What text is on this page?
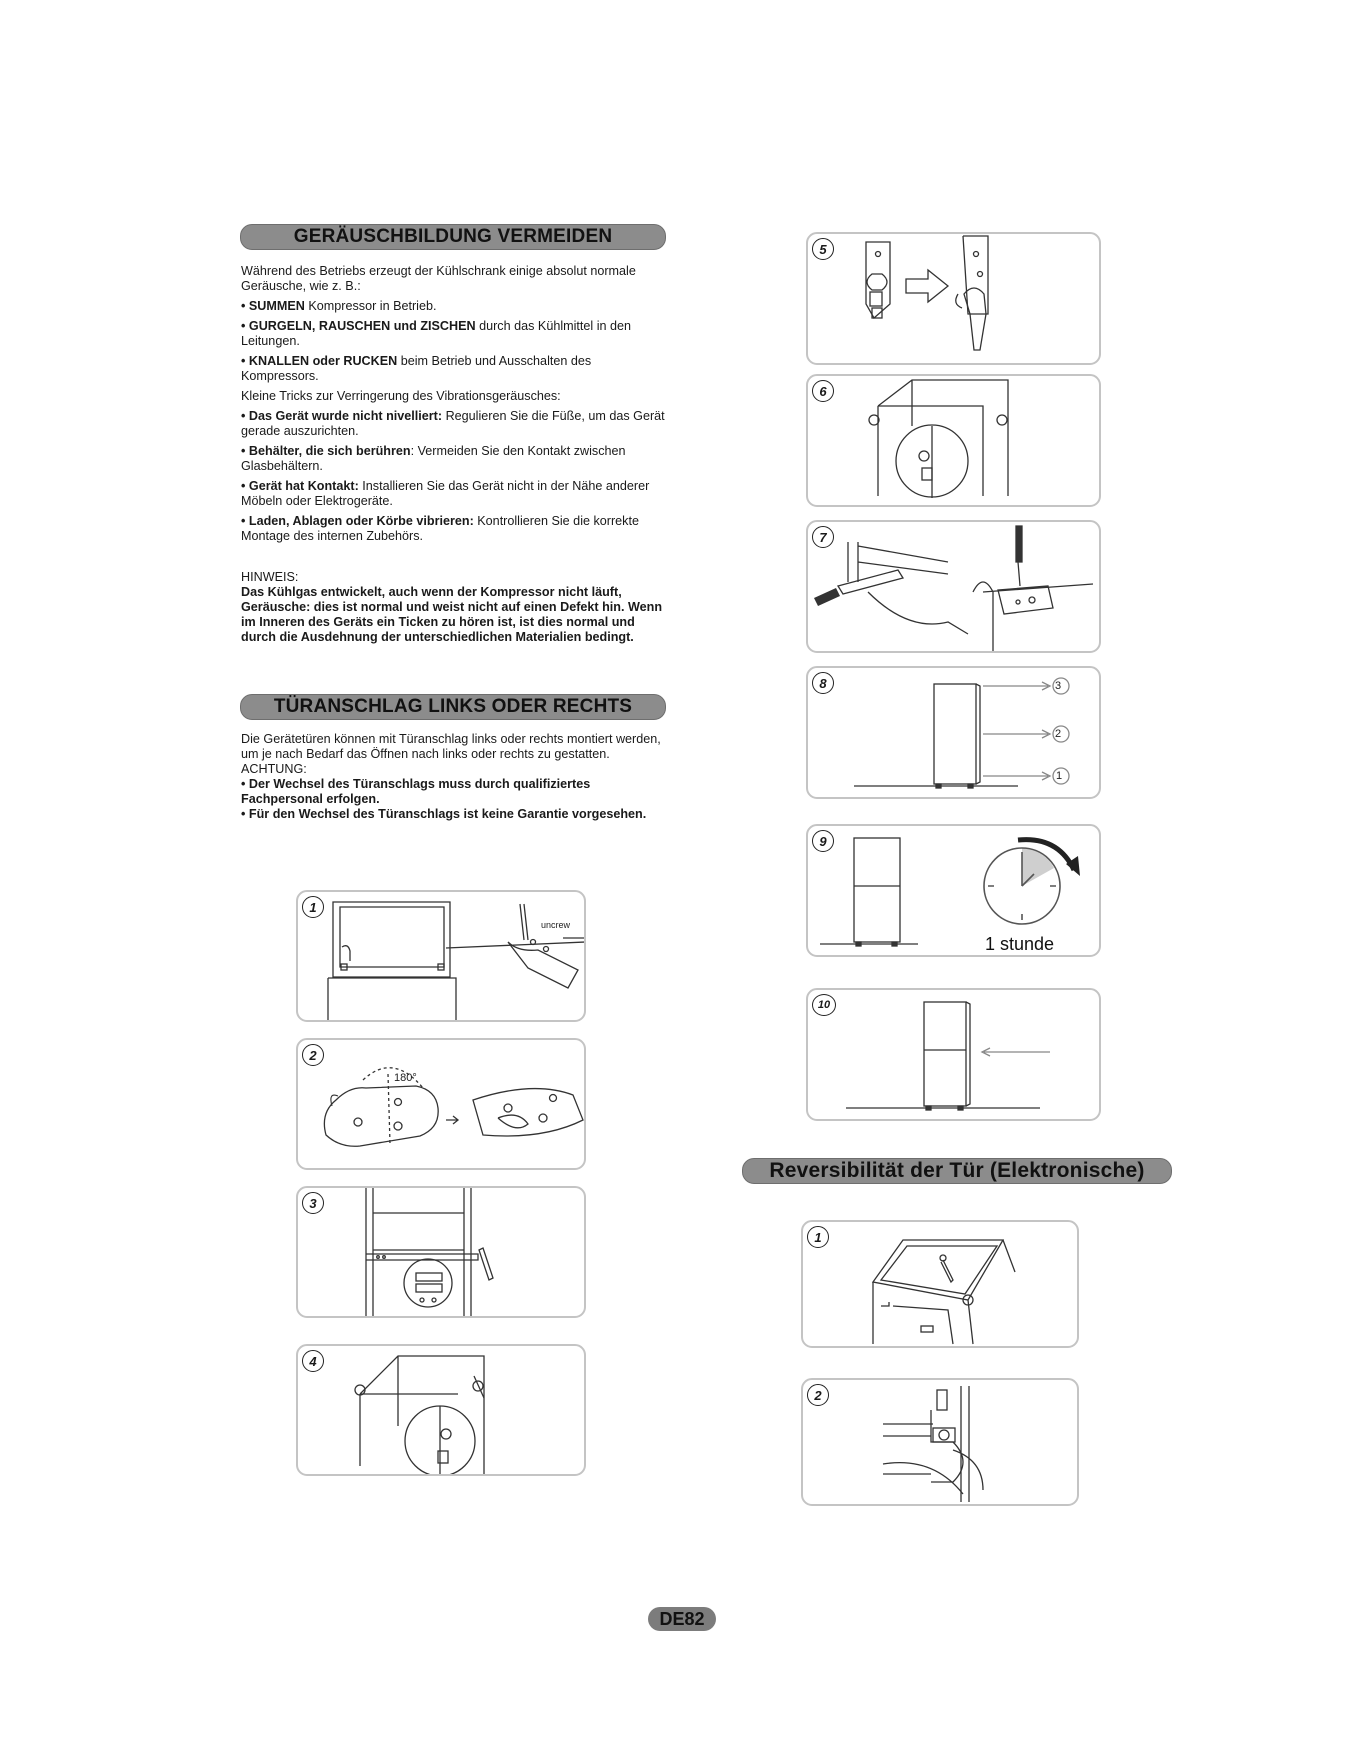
GERÄUSCHBILDUNG VERMEIDEN

Während des Betriebs erzeugt der Kühlschrank einige absolut normale Geräusche, wie z. B.:

• SUMMEN Kompressor in Betrieb.

• GURGELN, RAUSCHEN und ZISCHEN durch das Kühlmittel in den Leitungen.

• KNALLEN oder RUCKEN beim Betrieb und Ausschalten des Kompressors.

Kleine Tricks zur Verringerung des Vibrationsgeräusches:

• Das Gerät wurde nicht nivelliert: Regulieren Sie die Füße, um das Gerät gerade auszurichten.

• Behälter, die sich berühren: Vermeiden Sie den Kontakt zwischen Glasbehältern.

• Gerät hat Kontakt: Installieren Sie das Gerät nicht in der Nähe anderer Möbeln oder Elektrogeräte.

• Laden, Ablagen oder Körbe vibrieren: Kontrollieren Sie die korrekte Montage des internen Zubehörs.

HINWEIS:

Das Kühlgas entwickelt, auch wenn der Kompressor nicht läuft, Geräusche: dies ist normal und weist nicht auf einen Defekt hin. Wenn im Inneren des Geräts ein Ticken zu hören ist, ist dies normal und durch die Ausdehnung der unterschiedlichen Materialien bedingt.

TÜRANSCHLAG LINKS ODER RECHTS

Die Gerätetüren können mit Türanschlag links oder rechts montiert werden, um je nach Bedarf das Öffnen nach links oder rechts zu gestatten.

ACHTUNG:

• Der Wechsel des Türanschlags muss durch qualifiziertes Fachpersonal erfolgen.

• Für den Wechsel des Türanschlags ist keine Garantie vorgesehen.

1
uncrew
2
180°
3
4
5
6
7
8	3
2
1
9
1 stunde
10
Reversibilität der Tür (Elektronische)
1
2
DE82
